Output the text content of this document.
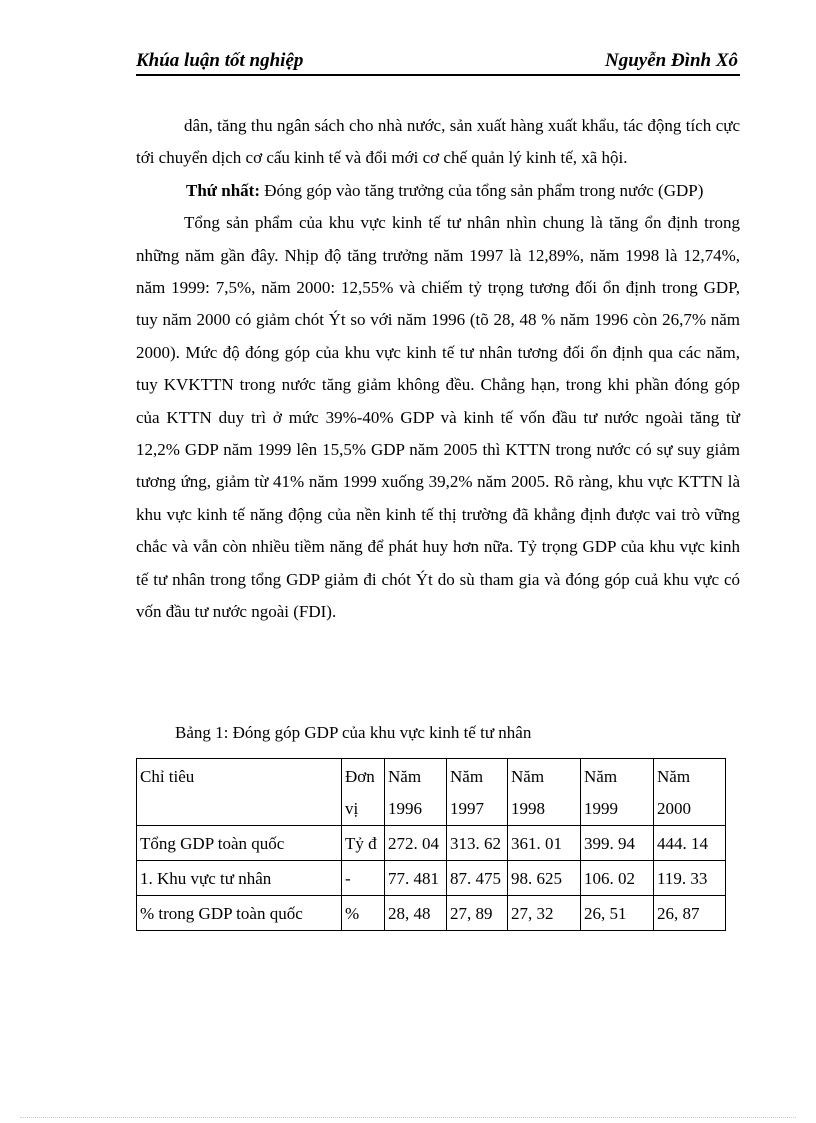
Khúa luận tốt nghiệp	Nguyễn Đình Xô

dân, tăng thu ngân sách cho nhà nước, sản xuất hàng xuất khẩu, tác động tích cực tới chuyển dịch cơ cấu kinh tế và đổi mới cơ chế quản lý kinh tế, xã hội.

Thứ nhất: Đóng góp vào tăng trưởng của tổng sản phẩm trong nước (GDP)

Tổng sản phẩm của khu vực kinh tế tư nhân nhìn chung là tăng ổn định trong những năm gần đây. Nhịp độ tăng trưởng năm 1997 là 12,89%, năm 1998 là 12,74%, năm 1999: 7,5%, năm 2000: 12,55% và chiếm tỷ trọng tương đối ổn định trong GDP, tuy năm 2000 có giảm chót Ýt so với năm 1996 (tõ 28, 48 % năm 1996 còn 26,7% năm 2000). Mức độ đóng góp của khu vực kinh tế tư nhân tương đối ổn định qua các năm, tuy KVKTTN trong nước tăng giảm không đều. Chẳng hạn, trong khi phần đóng góp của KTTN duy trì ở mức 39%-40% GDP và kinh tế vốn đầu tư nước ngoài tăng từ 12,2% GDP năm 1999 lên 15,5% GDP năm 2005 thì KTTN trong nước có sự suy giảm tương ứng, giảm từ 41% năm 1999 xuống 39,2% năm 2005. Rõ ràng, khu vực KTTN là khu vực kinh tế năng động của nền kinh tế thị trường đã khẳng định được vai trò vững chắc và vẫn còn nhiều tiềm năng để phát huy hơn nữa. Tỷ trọng GDP của khu vực kinh tế tư nhân trong tổng GDP giảm đi chót Ýt do sù tham gia và đóng góp cuả khu vực có vốn đầu tư nước ngoài (FDI).

Bảng 1: Đóng góp GDP của khu vực kinh tế tư nhân
Chỉ tiêu	Đơn vị	Năm 1996	Năm 1997	Năm 1998	Năm 1999	Năm 2000
Tổng GDP toàn quốc	Tỷ đ	272. 04	313. 62	361. 01	399. 94	444. 14
1. Khu vực tư nhân	-	77. 481	87. 475	98. 625	106. 02	119. 33
% trong GDP toàn quốc	%	28, 48	27, 89	27, 32	26, 51	26, 87
